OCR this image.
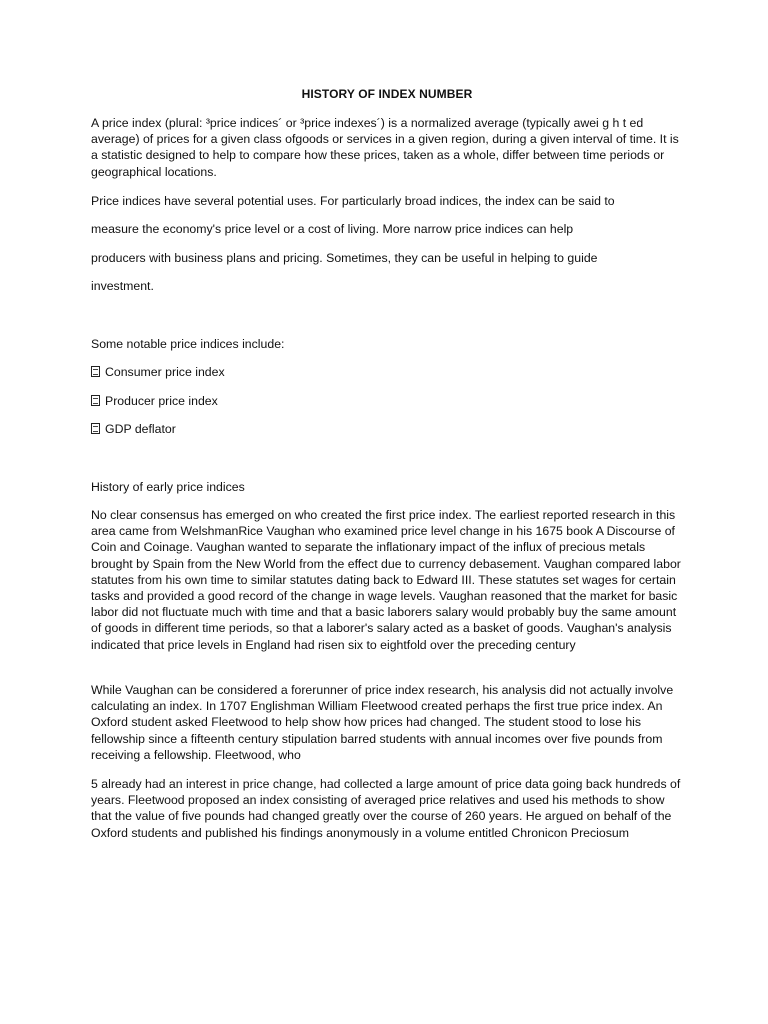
HISTORY OF INDEX NUMBER

A price index (plural: ³price indices´ or ³price indexes´) is a normalized average (typically awei g h t ed average) of prices for a given class ofgoods or services in a given region, during a given interval of time. It is a statistic designed to help to compare how these prices, taken as a whole, differ between time periods or geographical locations.

Price indices have several potential uses. For particularly broad indices, the index can be said to

measure the economy's price level or a cost of living. More narrow price indices can help

producers with business plans and pricing. Sometimes, they can be useful in helping to guide

investment.

Some notable price indices include:

Consumer price index

Producer price index

GDP deflator

History of early price indices

No clear consensus has emerged on who created the first price index. The earliest reported research in this area came from WelshmanRice Vaughan who examined price level change in his 1675 book A Discourse of Coin and Coinage. Vaughan wanted to separate the inflationary impact of the influx of precious metals brought by Spain from the New World from the effect due to currency debasement. Vaughan compared labor statutes from his own time to similar statutes dating back to Edward III. These statutes set wages for certain tasks and provided a good record of the change in wage levels. Vaughan reasoned that the market for basic labor did not fluctuate much with time and that a basic laborers salary would probably buy the same amount of goods in different time periods, so that a laborer's salary acted as a basket of goods. Vaughan's analysis indicated that price levels in England had risen six to eightfold over the preceding century

While Vaughan can be considered a forerunner of price index research, his analysis did not actually involve calculating an index. In 1707 Englishman William Fleetwood created perhaps the first true price index. An Oxford student asked Fleetwood to help show how prices had changed. The student stood to lose his fellowship since a fifteenth century stipulation barred students with annual incomes over five pounds from receiving a fellowship. Fleetwood, who

5 already had an interest in price change, had collected a large amount of price data going back hundreds of years. Fleetwood proposed an index consisting of averaged price relatives and used his methods to show that the value of five pounds had changed greatly over the course of 260 years. He argued on behalf of the Oxford students and published his findings anonymously in a volume entitled Chronicon Preciosum
